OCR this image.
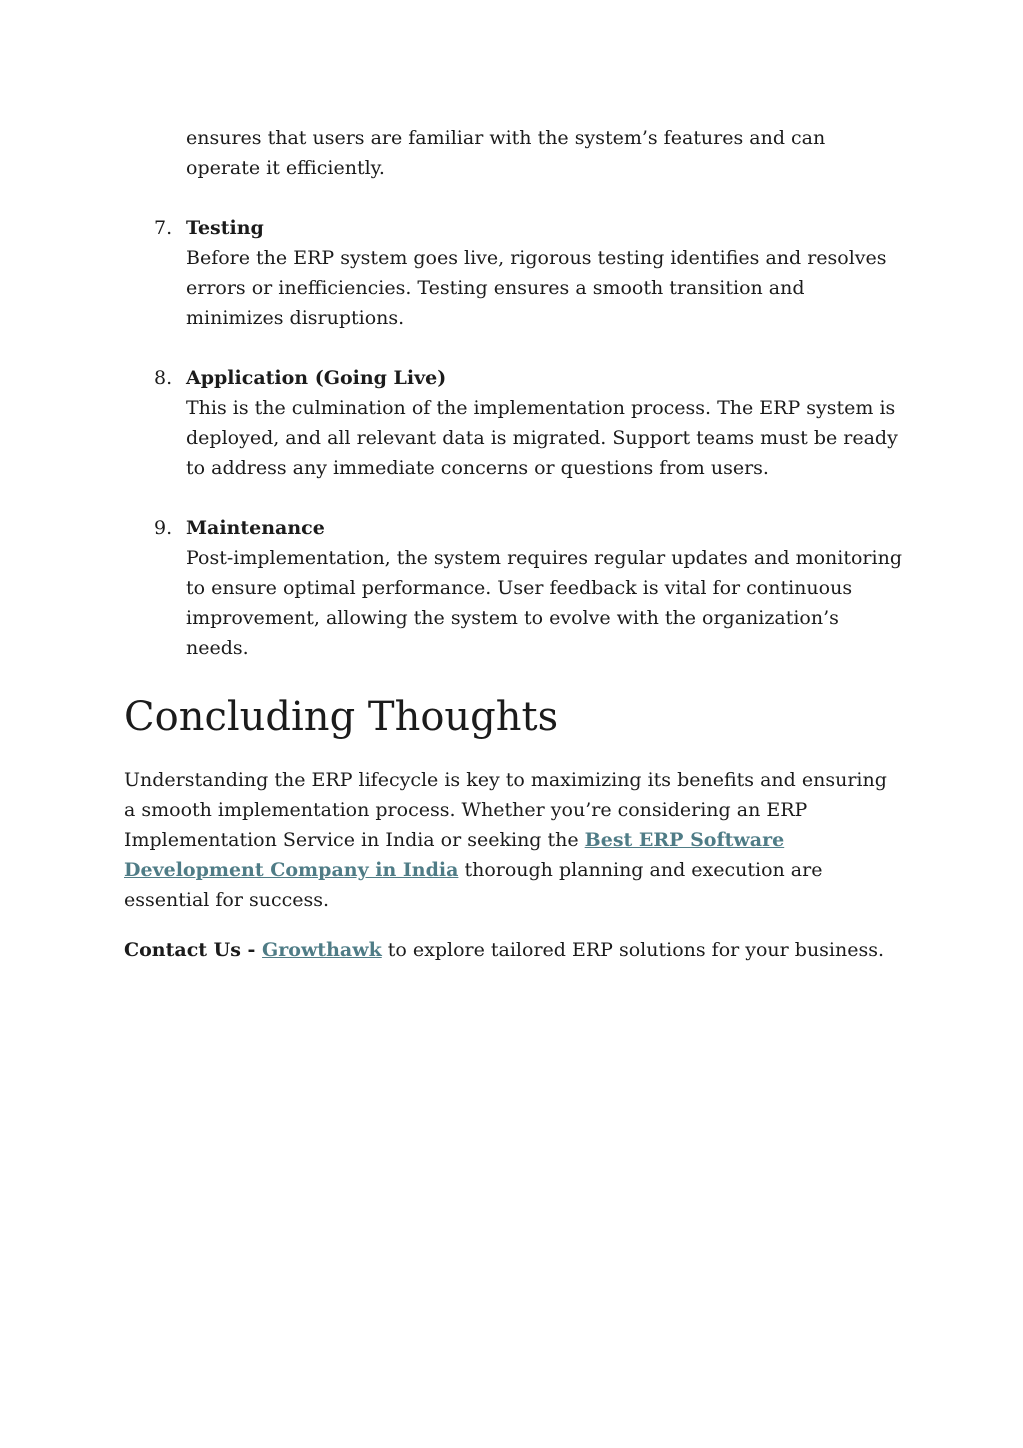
ensures that users are familiar with the system’s features and can operate it efficiently.

7. Testing

Before the ERP system goes live, rigorous testing identifies and resolves errors or inefficiencies. Testing ensures a smooth transition and minimizes disruptions.

8. Application (Going Live)

This is the culmination of the implementation process. The ERP system is deployed, and all relevant data is migrated. Support teams must be ready to address any immediate concerns or questions from users.

9. Maintenance

Post-implementation, the system requires regular updates and monitoring to ensure optimal performance. User feedback is vital for continuous improvement, allowing the system to evolve with the organization’s needs.

Concluding Thoughts

Understanding the ERP lifecycle is key to maximizing its benefits and ensuring a smooth implementation process. Whether you’re considering an ERP Implementation Service in India or seeking the Best ERP Software Development Company in India thorough planning and execution are essential for success.

Contact Us - Growthawk to explore tailored ERP solutions for your business.
